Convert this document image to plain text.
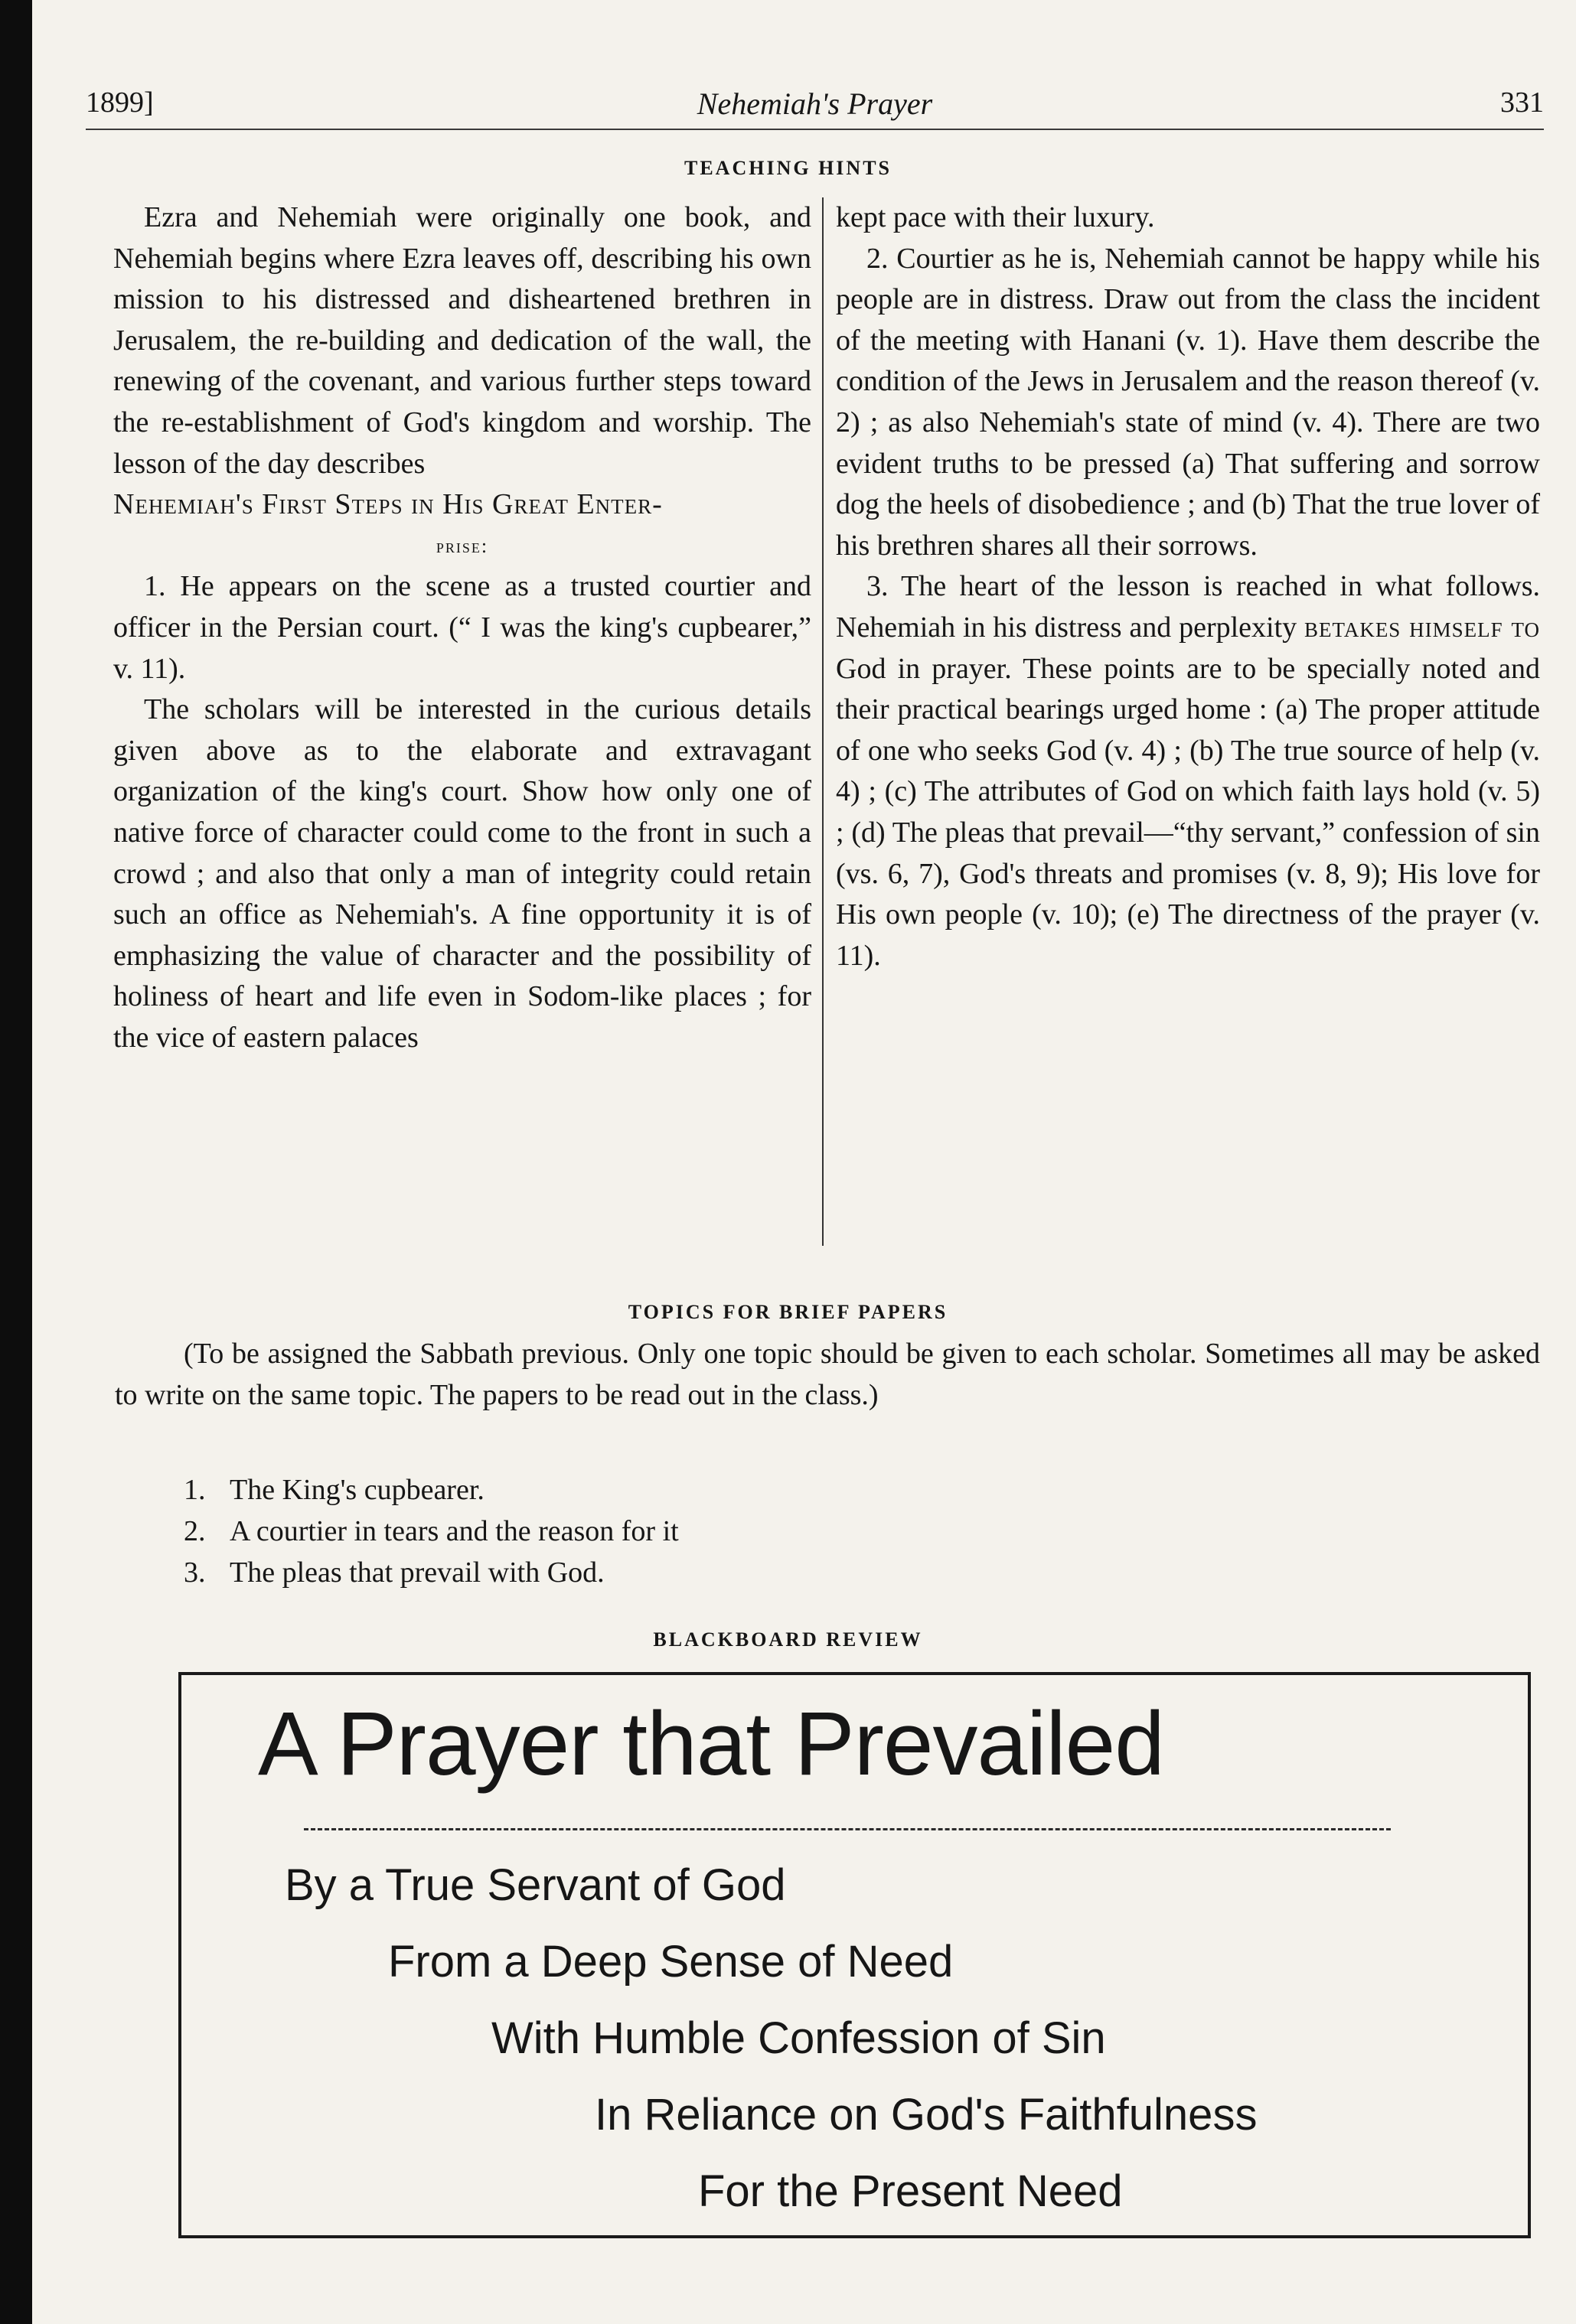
1899]	Nehemiah's Prayer	331
TEACHING HINTS

Ezra and Nehemiah were originally one book, and Nehemiah begins where Ezra leaves off, describing his own mission to his distressed and disheartened brethren in Jerusalem, the re-building and dedication of the wall, the renewing of the covenant, and various further steps toward the re-establishment of God's kingdom and worship. The lesson of the day describes

Nehemiah's First Steps in His Great Enter-

prise:

1. He appears on the scene as a trusted courtier and officer in the Persian court. (“ I was the king's cupbearer,” v. 11).

The scholars will be interested in the curious details given above as to the elaborate and extravagant organization of the king's court. Show how only one of native force of character could come to the front in such a crowd ; and also that only a man of integrity could retain such an office as Nehemiah's. A fine opportunity it is of emphasizing the value of character and the possibility of holiness of heart and life even in Sodom-like places ; for the vice of eastern palaces

kept pace with their luxury.

2. Courtier as he is, Nehemiah cannot be happy while his people are in distress. Draw out from the class the incident of the meeting with Hanani (v. 1). Have them describe the condition of the Jews in Jerusalem and the reason thereof (v. 2) ; as also Nehemiah's state of mind (v. 4). There are two evident truths to be pressed (a) That suffering and sorrow dog the heels of disobedience ; and (b) That the true lover of his brethren shares all their sorrows.

3. The heart of the lesson is reached in what follows. Nehemiah in his distress and perplexity betakes himself to God in prayer. These points are to be specially noted and their practical bearings urged home : (a) The proper attitude of one who seeks God (v. 4) ; (b) The true source of help (v. 4) ; (c) The attributes of God on which faith lays hold (v. 5) ; (d) The pleas that prevail—“thy servant,” confession of sin (vs. 6, 7), God's threats and promises (v. 8, 9); His love for His own people (v. 10); (e) The directness of the prayer (v. 11).

TOPICS FOR BRIEF PAPERS
(To be assigned the Sabbath previous. Only one topic should be given to each scholar. Sometimes all may be asked to write on the same topic. The papers to be read out in the class.)
1. The King's cupbearer.
2. A courtier in tears and the reason for it
3. The pleas that prevail with God.
BLACKBOARD REVIEW
A Prayer that Prevailed
By a True Servant of God
From a Deep Sense of Need
With Humble Confession of Sin
In Reliance on God's Faithfulness
For the Present Need
